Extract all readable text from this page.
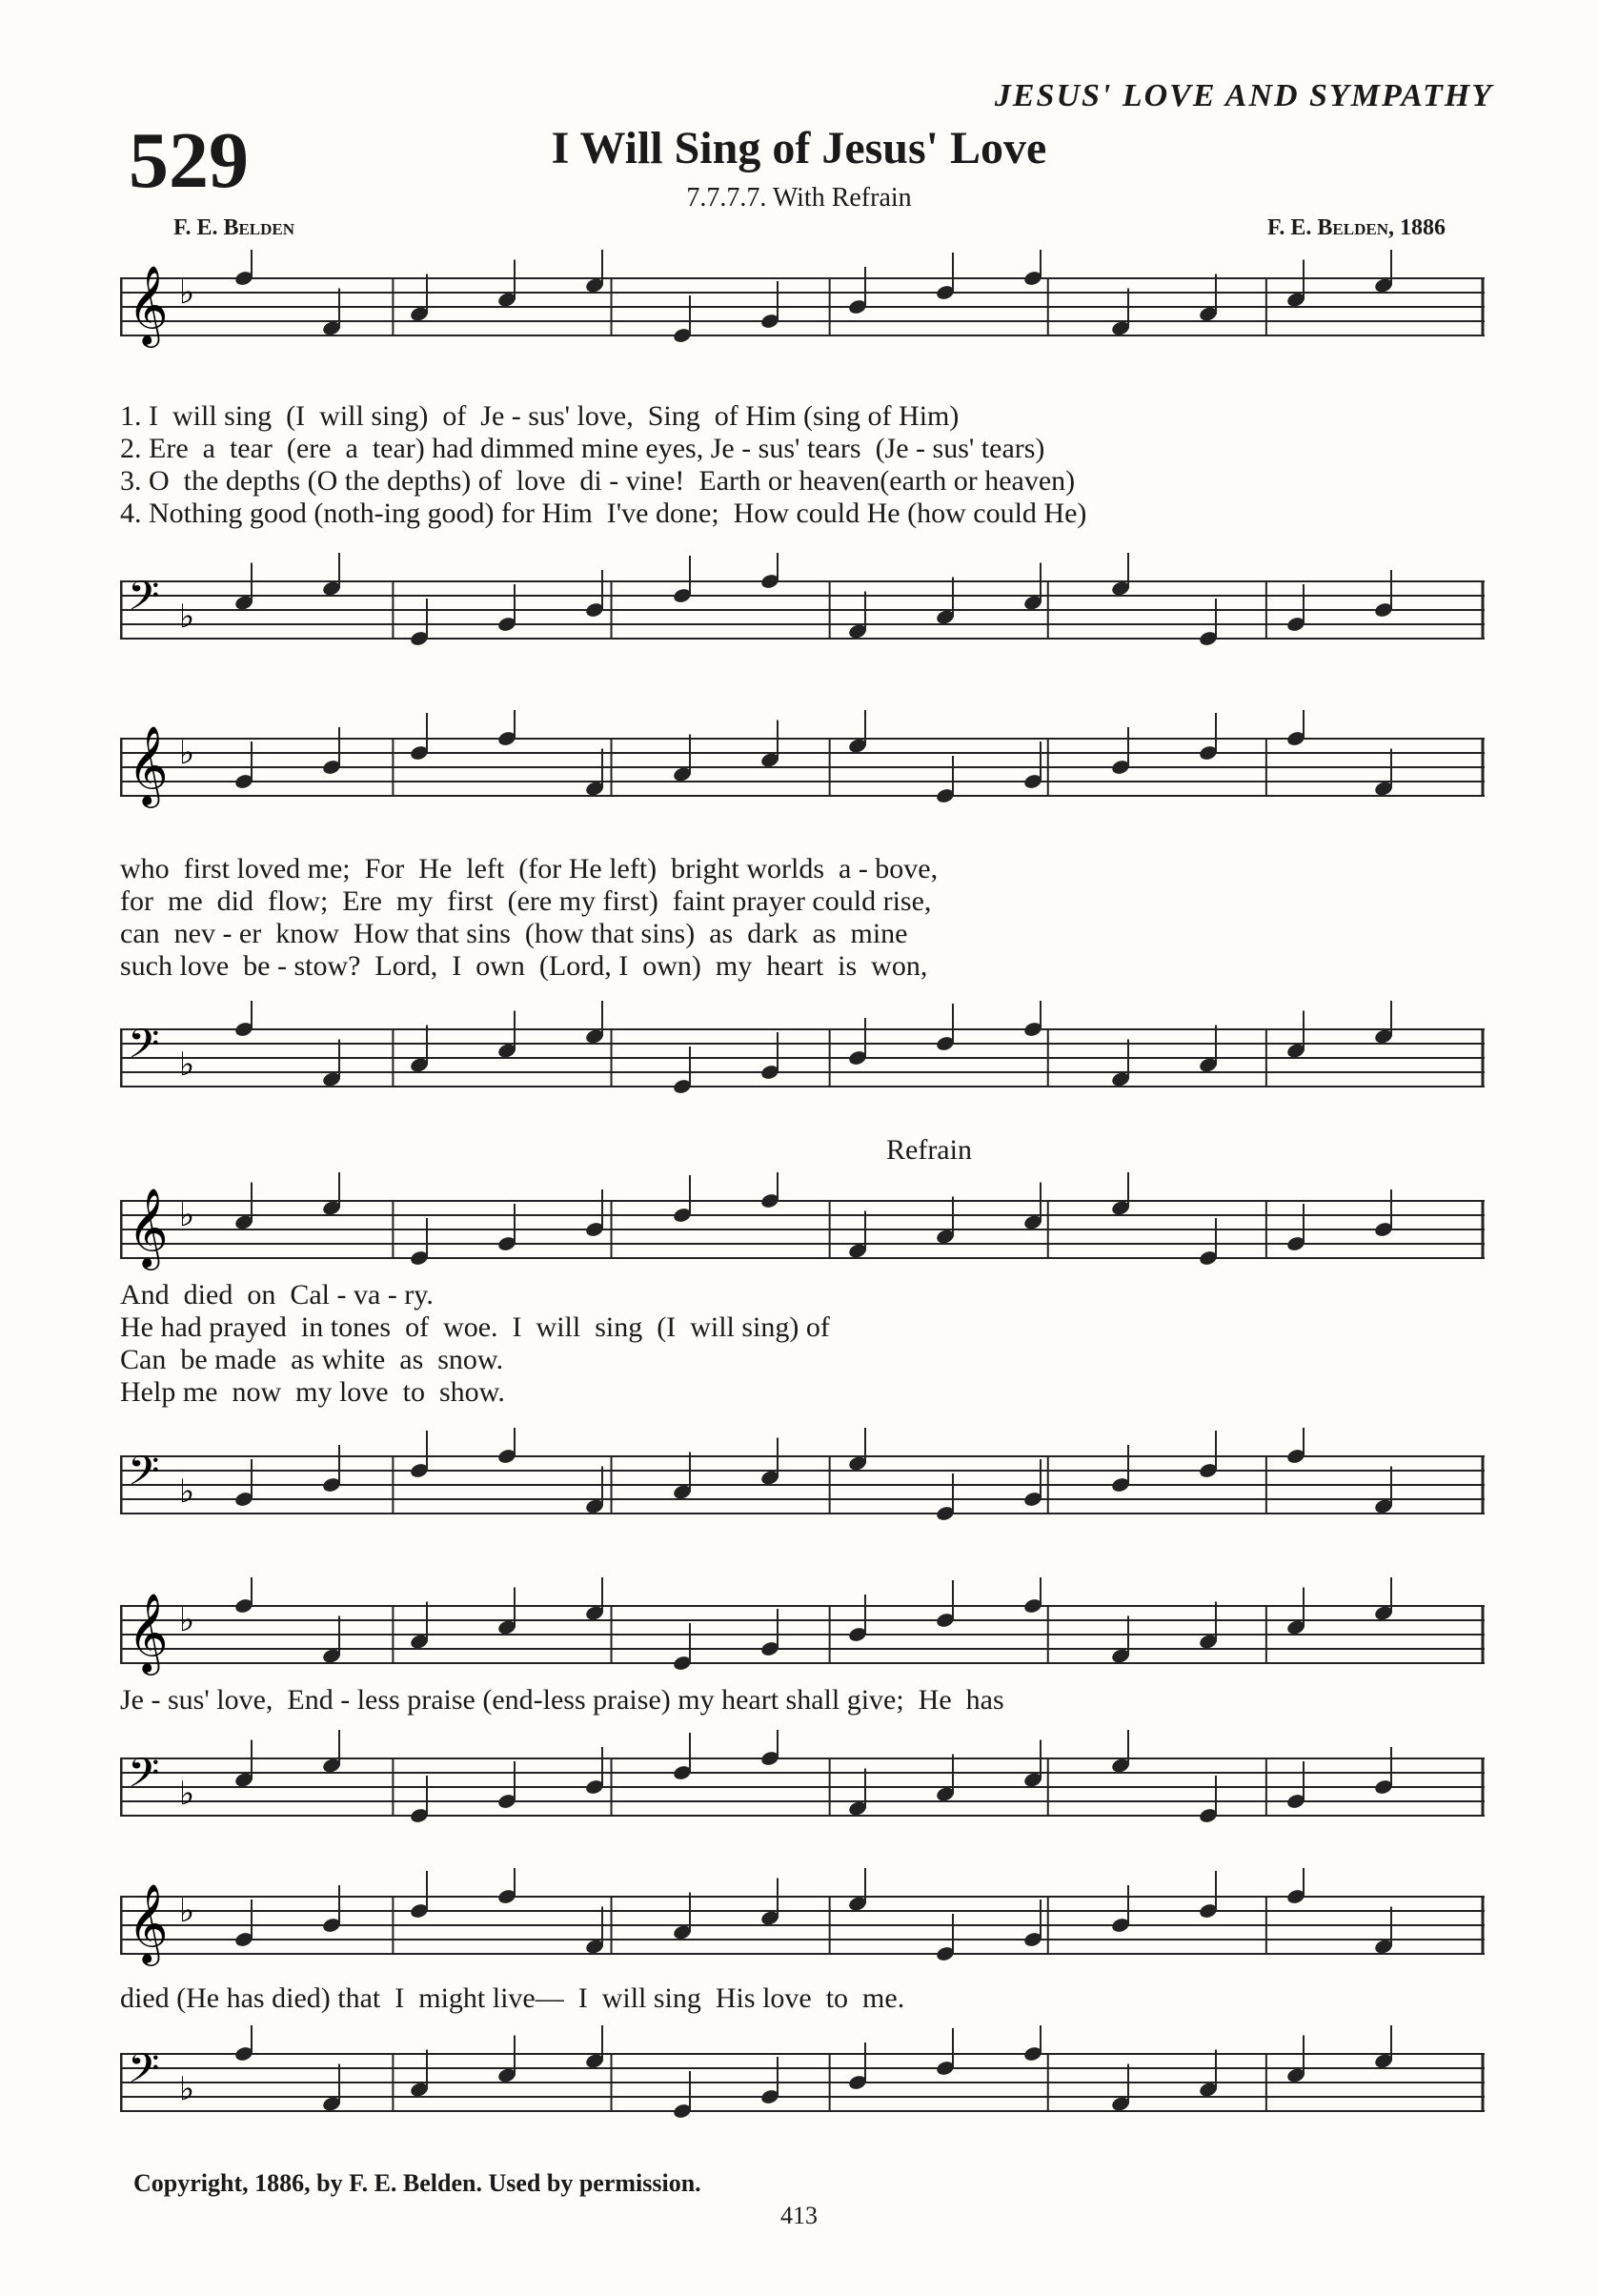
JESUS' LOVE AND SYMPATHY
529	I Will Sing of Jesus' Love
7.7.7.7. With Refrain
F. E. Belden	F. E. Belden, 1886
𝄞 ♭
1. I  will sing  (I  will sing)  of  Je - sus' love,  Sing  of Him (sing of Him)
2. Ere  a  tear  (ere  a  tear) had dimmed mine eyes, Je - sus' tears  (Je - sus' tears)
3. O  the depths (O the depths) of  love  di - vine!  Earth or heaven(earth or heaven)
4. Nothing good (noth-ing good) for Him  I've done;  How could He (how could He)
𝄢 ♭
𝄞 ♭
who  first loved me;  For  He  left  (for He left)  bright worlds  a - bove,
for  me  did  flow;  Ere  my  first  (ere my first)  faint prayer could rise,
can  nev - er  know  How that sins  (how that sins)  as  dark  as  mine
such love  be - stow?  Lord,  I  own  (Lord, I  own)  my  heart  is  won,
𝄢 ♭
Refrain
𝄞 ♭
And  died  on  Cal - va - ry.
He had prayed  in tones  of  woe.  I  will  sing  (I  will sing) of
Can  be made  as white  as  snow.
Help me  now  my love  to  show.
𝄢 ♭
𝄞 ♭
Je - sus' love,  End - less praise (end-less praise) my heart shall give;  He  has
𝄢 ♭
𝄞 ♭
died (He has died) that  I  might live—  I  will sing  His love  to  me.
𝄢 ♭
Copyright, 1886, by F. E. Belden. Used by permission.
413
